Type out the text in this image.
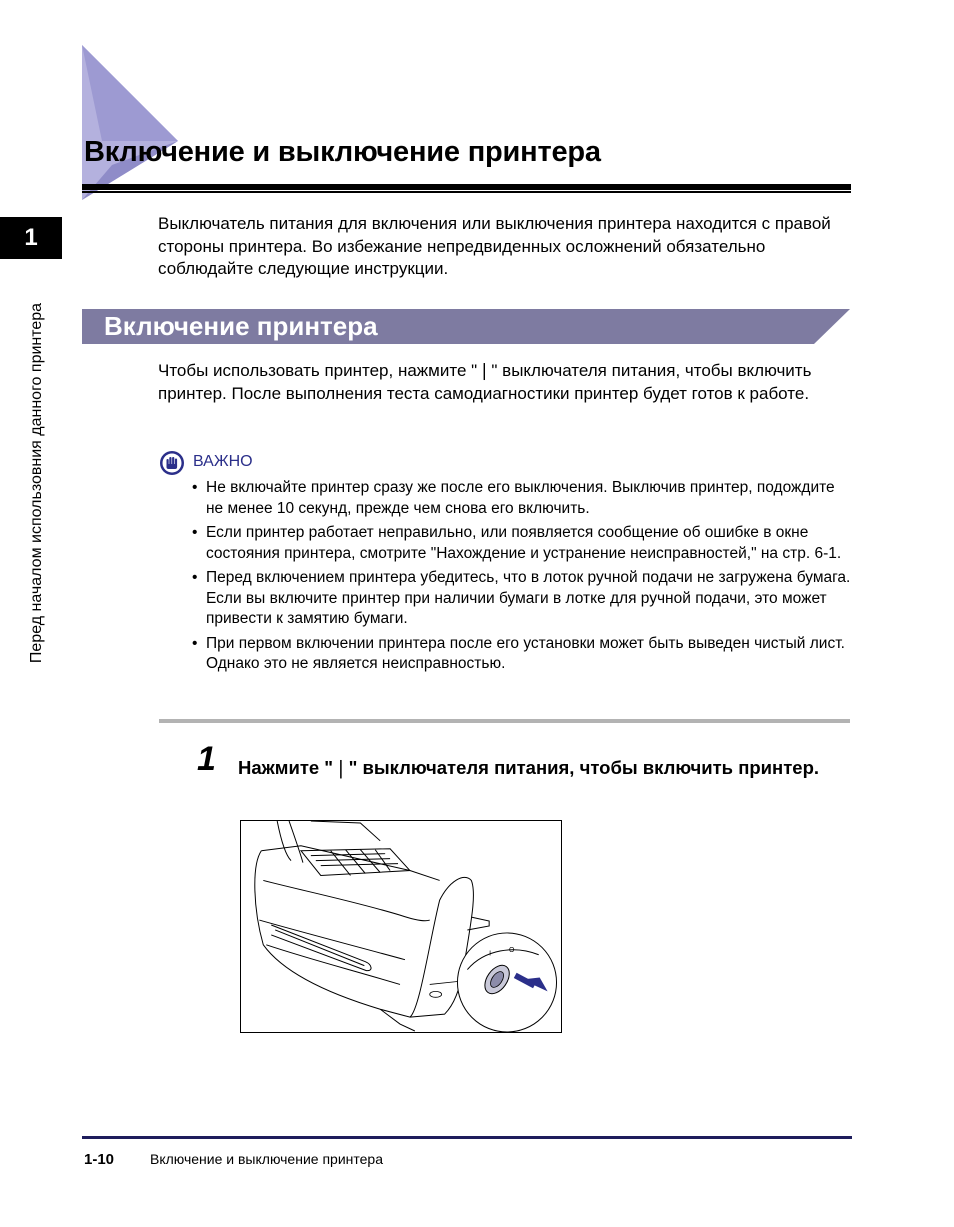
Включение и выключение принтера
1
Перед началом использовния данного принтера
Выключатель питания для включения или выключения принтера находится с правой стороны принтера. Во избежание непредвиденных осложнений обязательно соблюдайте следующие инструкции.
Включение принтера
Чтобы использовать принтер, нажмите "❘" выключателя питания, чтобы включить принтер. После выполнения теста самодиагностики принтер будет готов к работе.
ВАЖНО
• Не включайте принтер сразу же после его выключения. Выключив принтер, подождите не менее 10 секунд, прежде чем снова его включить.
• Если принтер работает неправильно, или появляется сообщение об ошибке в окне состояния принтера, смотрите "Нахождение и устранение неисправностей," на стр. 6-1.
• Перед включением принтера убедитесь, что в лоток ручной подачи не загружена бумага. Если вы включите принтер при наличии бумаги в лотке для ручной подачи, это может привести к замятию бумаги.
• При первом включении принтера после его установки может быть выведен чистый лист. Однако это не является неисправностью.
1 Нажмите "❘" выключателя питания, чтобы включить принтер.
I
O
1-10	Включение и выключение принтера
